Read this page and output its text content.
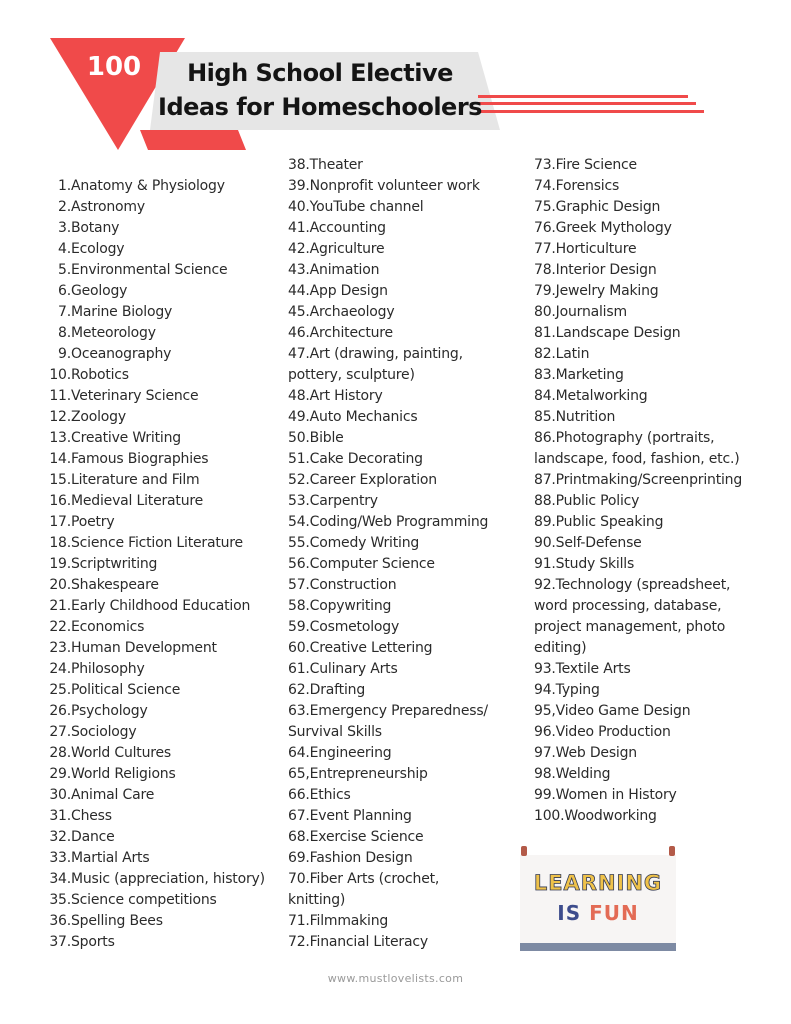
100	High School Elective
Ideas for Homeschoolers
1. Anatomy & Physiology
2. Astronomy
3. Botany
4. Ecology
5. Environmental Science
6. Geology
7. Marine Biology
8. Meteorology
9. Oceanography
10. Robotics
11. Veterinary Science
12. Zoology
13. Creative Writing
14. Famous Biographies
15. Literature and Film
16. Medieval Literature
17. Poetry
18. Science Fiction Literature
19. Scriptwriting
20. Shakespeare
21. Early Childhood Education
22. Economics
23. Human Development
24. Philosophy
25. Political Science
26. Psychology
27. Sociology
28. World Cultures
29. World Religions
30. Animal Care
31. Chess
32. Dance
33. Martial Arts
34. Music (appreciation, history)
35. Science competitions
36. Spelling Bees
37. Sports
38.Theater
39.Nonprofit volunteer work
40.YouTube channel
41.Accounting
42.Agriculture
43.Animation
44.App Design
45.Archaeology
46.Architecture
47.Art (drawing, painting,
pottery, sculpture)
48.Art History
49.Auto Mechanics
50.Bible
51.Cake Decorating
52.Career Exploration
53.Carpentry
54.Coding/Web Programming
55.Comedy Writing
56.Computer Science
57.Construction
58.Copywriting
59.Cosmetology
60.Creative Lettering
61.Culinary Arts
62.Drafting
63.Emergency Preparedness/
Survival Skills
64.Engineering
65,Entrepreneurship
66.Ethics
67.Event Planning
68.Exercise Science
69.Fashion Design
70.Fiber Arts (crochet,
knitting)
71.Filmmaking
72.Financial Literacy
73.Fire Science
74.Forensics
75.Graphic Design
76.Greek Mythology
77.Horticulture
78.Interior Design
79.Jewelry Making
80.Journalism
81.Landscape Design
82.Latin
83.Marketing
84.Metalworking
85.Nutrition
86.Photography (portraits,
landscape, food, fashion, etc.)
87.Printmaking/Screenprinting
88.Public Policy
89.Public Speaking
90.Self-Defense
91.Study Skills
92.Technology (spreadsheet,
word processing, database,
project management, photo
editing)
93.Textile Arts
94.Typing
95,Video Game Design
96.Video Production
97.Web Design
98.Welding
99.Women in History
100.Woodworking
LEARNING
IS FUN
www.mustlovelists.com
